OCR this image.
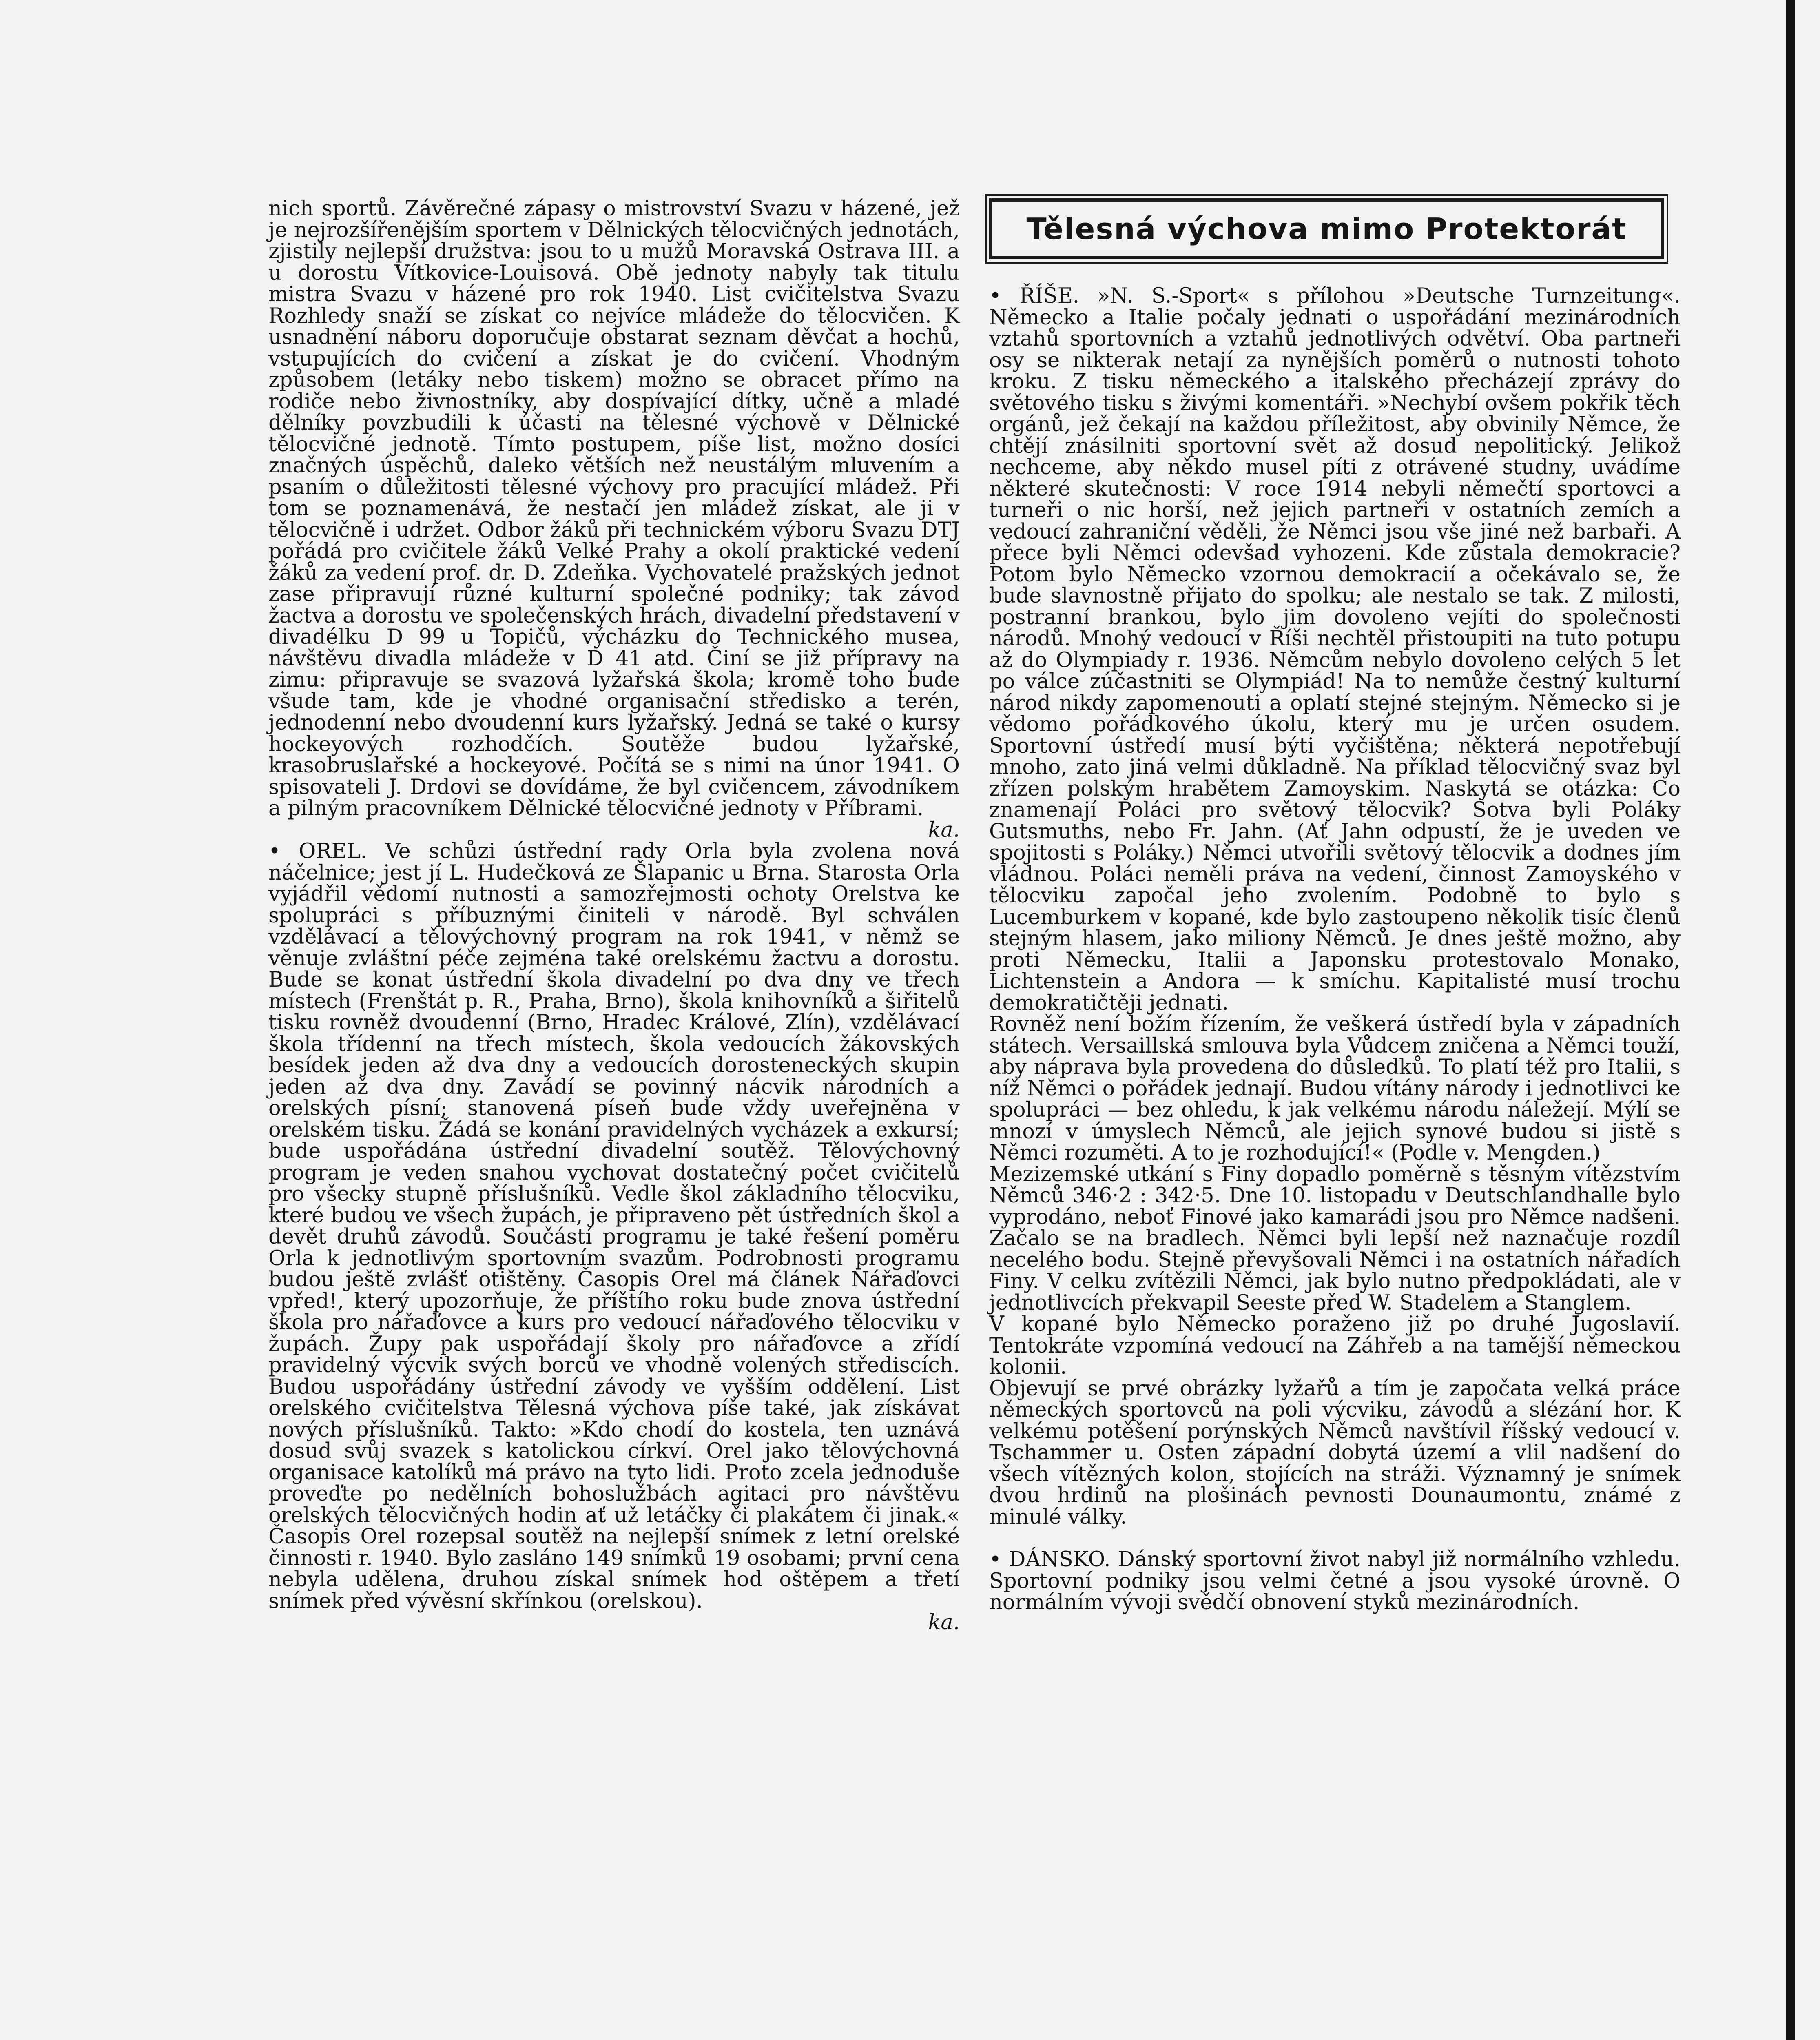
nich sportů. Závěrečné zápasy o mistrovství Svazu v házené, jež je nejrozšířenějším sportem v Dělnických tělocvičných jednotách, zjistily nejlepší družstva: jsou to u mužů Moravská Ostrava III. a u dorostu Vítkovice-Louisová. Obě jednoty nabyly tak titulu mistra Svazu v házené pro rok 1940. List cvičitelstva Svazu Rozhledy snaží se získat co nejvíce mládeže do tělocvičen. K usnadnění náboru doporučuje obstarat seznam děvčat a hochů, vstupujících do cvičení a získat je do cvičení. Vhodným způsobem (letáky nebo tiskem) možno se obracet přímo na rodiče nebo živnostníky, aby dospívající dítky, učně a mladé dělníky povzbudili k účasti na tělesné výchově v Dělnické tělocvičné jednotě. Tímto postupem, píše list, možno dosíci značných úspěchů, daleko větších než neustálým mluvením a psaním o důležitosti tělesné výchovy pro pracující mládež. Při tom se poznamenává, že nestačí jen mládež získat, ale ji v tělocvičně i udržet. Odbor žáků při technickém výboru Svazu DTJ pořádá pro cvičitele žáků Velké Prahy a okolí praktické vedení žáků za vedení prof. dr. D. Zdeňka. Vychovatelé pražských jednot zase připravují různé kulturní společné podniky; tak závod žactva a dorostu ve společenských hrách, divadelní představení v divadélku D 99 u Topičů, výcházku do Technického musea, návštěvu divadla mládeže v D 41 atd. Činí se již přípravy na zimu: připravuje se svazová lyžařská škola; kromě toho bude všude tam, kde je vhodné organisační středisko a terén, jednodenní nebo dvoudenní kurs lyžařský. Jedná se také o kursy hockeyových rozhodčích. Soutěže budou lyžařské, krasobruslařské a hockeyové. Počítá se s nimi na únor 1941. O spisovateli J. Drdovi se dovídáme, že byl cvičencem, závodníkem a pilným pracovníkem Dělnické tělocvičné jednoty v Příbrami.

ka.

• OREL. Ve schůzi ústřední rady Orla byla zvolena nová náčelnice; jest jí L. Hudečková ze Šlapanic u Brna. Starosta Orla vyjádřil vědomí nutnosti a samozřejmosti ochoty Orelstva ke spolupráci s příbuznými činiteli v národě. Byl schválen vzdělávací a tělovýchovný program na rok 1941, v němž se věnuje zvláštní péče zejména také orelskému žactvu a dorostu. Bude se konat ústřední škola divadelní po dva dny ve třech místech (Frenštát p. R., Praha, Brno), škola knihovníků a šiřitelů tisku rovněž dvoudenní (Brno, Hradec Králové, Zlín), vzdělávací škola třídenní na třech místech, škola vedoucích žákovských besídek jeden až dva dny a vedoucích dorosteneckých skupin jeden až dva dny. Zavádí se povinný nácvik národních a orelských písní; stanovená píseň bude vždy uveřejněna v orelském tisku. Žádá se konání pravidelných vycházek a exkursí; bude uspořádána ústřední divadelní soutěž. Tělovýchovný program je veden snahou vychovat dostatečný počet cvičitelů pro všecky stupně příslušníků. Vedle škol základního tělocviku, které budou ve všech župách, je připraveno pět ústředních škol a devět druhů závodů. Součástí programu je také řešení poměru Orla k jednotlivým sportovním svazům. Podrobnosti programu budou ještě zvlášť otištěny. Časopis Orel má článek Nářaďovci vpřed!, který upozorňuje, že příštího roku bude znova ústřední škola pro nářaďovce a kurs pro vedoucí nářaďového tělocviku v župách. Župy pak uspořádají školy pro nářaďovce a zřídí pravidelný výcvik svých borců ve vhodně volených střediscích. Budou uspořádány ústřední závody ve vyšším oddělení. List orelského cvičitelstva Tělesná výchova píše také, jak získávat nových příslušníků. Takto: »Kdo chodí do kostela, ten uznává dosud svůj svazek s katolickou církví. Orel jako tělovýchovná organisace katolíků má právo na tyto lidi. Proto zcela jednoduše proveďte po nedělních bohoslužbách agitaci pro návštěvu orelských tělocvičných hodin ať už letáčky či plakátem či jinak.« Časopis Orel rozepsal soutěž na nejlepší snímek z letní orelské činnosti r. 1940. Bylo zasláno 149 snímků 19 osobami; první cena nebyla udělena, druhou získal snímek hod oštěpem a třetí snímek před vývěsní skřínkou (orelskou).

ka.
Tělesná výchova mimo Protektorát

• ŘÍŠE. »N. S.-Sport« s přílohou »Deutsche Turnzeitung«. Německo a Italie počaly jednati o uspořádání mezinárodních vztahů sportovních a vztahů jednotlivých odvětví. Oba partneři osy se nikterak netají za nynějších poměrů o nutnosti tohoto kroku. Z tisku německého a italského přecházejí zprávy do světového tisku s živými komentáři. »Nechybí ovšem pokřik těch orgánů, jež čekají na každou příležitost, aby obvinily Němce, že chtějí znásilniti sportovní svět až dosud nepolitický. Jelikož nechceme, aby někdo musel píti z otrávené studny, uvádíme některé skutečnosti: V roce 1914 nebyli němečtí sportovci a turneři o nic horší, než jejich partneři v ostatních zemích a vedoucí zahraniční věděli, že Němci jsou vše jiné než barbaři. A přece byli Němci odevšad vyhozeni. Kde zůstala demokracie? Potom bylo Německo vzornou demokracií a očekávalo se, že bude slavnostně přijato do spolku; ale nestalo se tak. Z milosti, postranní brankou, bylo jim dovoleno vejíti do společnosti národů. Mnohý vedoucí v Říši nechtěl přistoupiti na tuto potupu až do Olympiady r. 1936. Němcům nebylo dovoleno celých 5 let po válce zúčastniti se Olympiád! Na to nemůže čestný kulturní národ nikdy zapomenouti a oplatí stejné stejným. Německo si je vědomo pořádkového úkolu, který mu je určen osudem. Sportovní ústředí musí býti vyčištěna; některá nepotřebují mnoho, zato jiná velmi důkladně. Na příklad tělocvičný svaz byl zřízen polským hrabětem Zamoyskim. Naskytá se otázka: Co znamenají Poláci pro světový tělocvik? Sotva byli Poláky Gutsmuths, nebo Fr. Jahn. (Ať Jahn odpustí, že je uveden ve spojitosti s Poláky.) Němci utvořili světový tělocvik a dodnes jím vládnou. Poláci neměli práva na vedení, činnost Zamoyského v tělocviku započal jeho zvolením. Podobně to bylo s Lucemburkem v kopané, kde bylo zastoupeno několik tisíc členů stejným hlasem, jako miliony Němců. Je dnes ještě možno, aby proti Německu, Italii a Japonsku protestovalo Monako, Lichtenstein a Andora — k smíchu. Kapitalisté musí trochu demokratičtěji jednati.

Rovněž není božím řízením, že veškerá ústředí byla v západních státech. Versaillská smlouva byla Vůdcem zničena a Němci touží, aby náprava byla provedena do důsledků. To platí též pro Italii, s níž Němci o pořádek jednají. Budou vítány národy i jednotlivci ke spolupráci — bez ohledu, k jak velkému národu náležejí. Mýlí se mnozí v úmyslech Němců, ale jejich synové budou si jistě s Němci rozuměti. A to je rozhodující!« (Podle v. Mengden.)

Mezizemské utkání s Finy dopadlo poměrně s těsným vítězstvím Němců 346·2 : 342·5. Dne 10. listopadu v Deutschlandhalle bylo vyprodáno, neboť Finové jako kamarádi jsou pro Němce nadšeni. Začalo se na bradlech. Němci byli lepší než naznačuje rozdíl necelého bodu. Stejně převyšovali Němci i na ostatních nářadích Finy. V celku zvítězili Němci, jak bylo nutno předpokládati, ale v jednotlivcích překvapil Seeste před W. Stadelem a Stanglem.

V kopané bylo Německo poraženo již po druhé Jugoslavií. Tentokráte vzpomíná vedoucí na Záhřeb a na tamější německou kolonii.

Objevují se prvé obrázky lyžařů a tím je započata velká práce německých sportovců na poli výcviku, závodů a slézání hor. K velkému potěšení porýnských Němců navštívil říšský vedoucí v. Tschammer u. Osten západní dobytá území a vlil nadšení do všech vítězných kolon, stojících na stráži. Významný je snímek dvou hrdinů na plošinách pevnosti Dounaumontu, známé z minulé války.

• DÁNSKO. Dánský sportovní život nabyl již normálního vzhledu. Sportovní podniky jsou velmi četné a jsou vysoké úrovně. O normálním vývoji svědčí obnovení styků mezinárodních.
